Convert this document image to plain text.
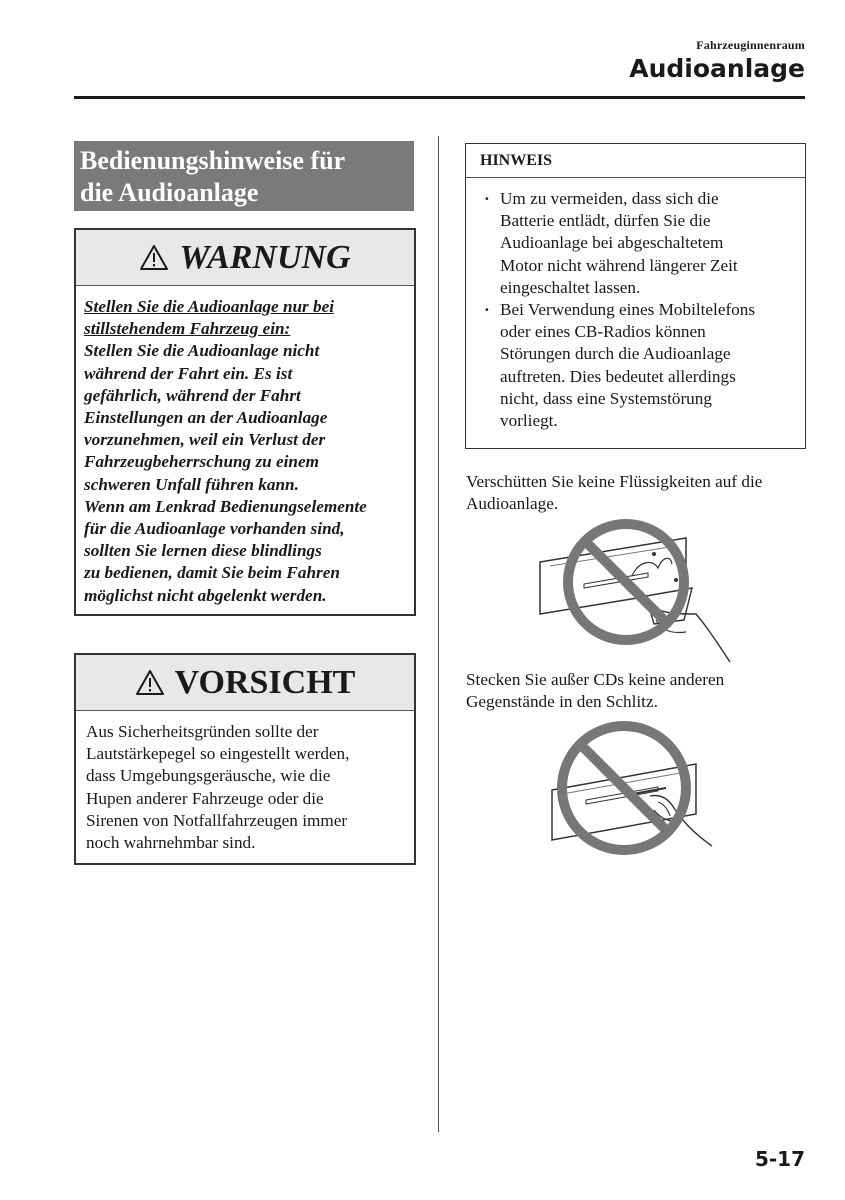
Fahrzeuginnenraum
Audioanlage
Bedienungshinweise für
die Audioanlage
WARNUNG
Stellen Sie die Audioanlage nur bei
stillstehendem Fahrzeug ein:
Stellen Sie die Audioanlage nicht
während der Fahrt ein. Es ist
gefährlich, während der Fahrt
Einstellungen an der Audioanlage
vorzunehmen, weil ein Verlust der
Fahrzeugbeherrschung zu einem
schweren Unfall führen kann.
Wenn am Lenkrad Bedienungselemente
für die Audioanlage vorhanden sind,
sollten Sie lernen diese blindlings
zu bedienen, damit Sie beim Fahren
möglichst nicht abgelenkt werden.
VORSICHT
Aus Sicherheitsgründen sollte der
Lautstärkepegel so eingestellt werden,
dass Umgebungsgeräusche, wie die
Hupen anderer Fahrzeuge oder die
Sirenen von Notfallfahrzeugen immer
noch wahrnehmbar sind.
HINWEIS
· Um zu vermeiden, dass sich die
Batterie entlädt, dürfen Sie die
Audioanlage bei abgeschaltetem
Motor nicht während längerer Zeit
eingeschaltet lassen.
· Bei Verwendung eines Mobiltelefons
oder eines CB-Radios können
Störungen durch die Audioanlage
auftreten. Dies bedeutet allerdings
nicht, dass eine Systemstörung
vorliegt.
Verschütten Sie keine Flüssigkeiten auf die
Audioanlage.
Stecken Sie außer CDs keine anderen
Gegenstände in den Schlitz.
5-17
